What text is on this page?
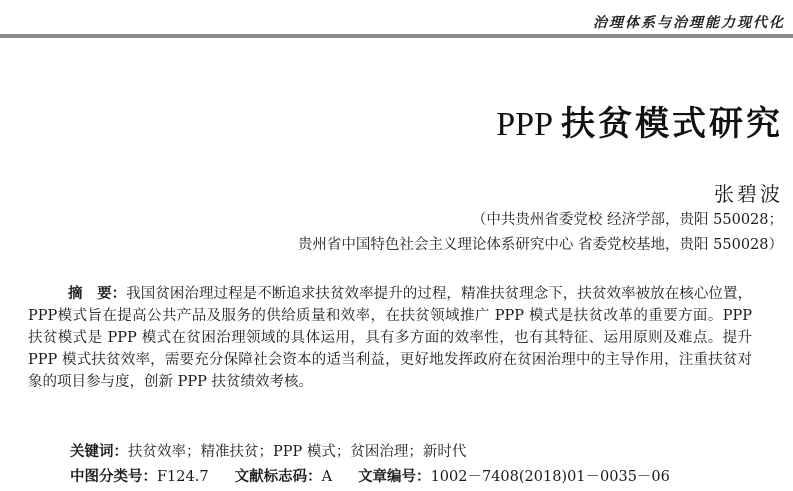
治理体系与治理能力现代化
PPP 扶贫模式研究
张碧波
（中共贵州省委党校 经济学部，贵阳 550028；
贵州省中国特色社会主义理论体系研究中心 省委党校基地，贵阳 550028）
摘　要：我国贫困治理过程是不断追求扶贫效率提升的过程，精准扶贫理念下，扶贫效率被放在核心位置，PPP模式旨在提高公共产品及服务的供给质量和效率，在扶贫领域推广 PPP 模式是扶贫改革的重要方面。PPP 扶贫模式是 PPP 模式在贫困治理领域的具体运用，具有多方面的效率性，也有其特征、运用原则及难点。提升 PPP 模式扶贫效率，需要充分保障社会资本的适当利益，更好地发挥政府在贫困治理中的主导作用，注重扶贫对象的项目参与度，创新 PPP 扶贫绩效考核。
关键词：扶贫效率；精准扶贫；PPP 模式；贫困治理；新时代
中图分类号：F124.7 文献标志码：A 文章编号：1002－7408(2018)01－0035－06
